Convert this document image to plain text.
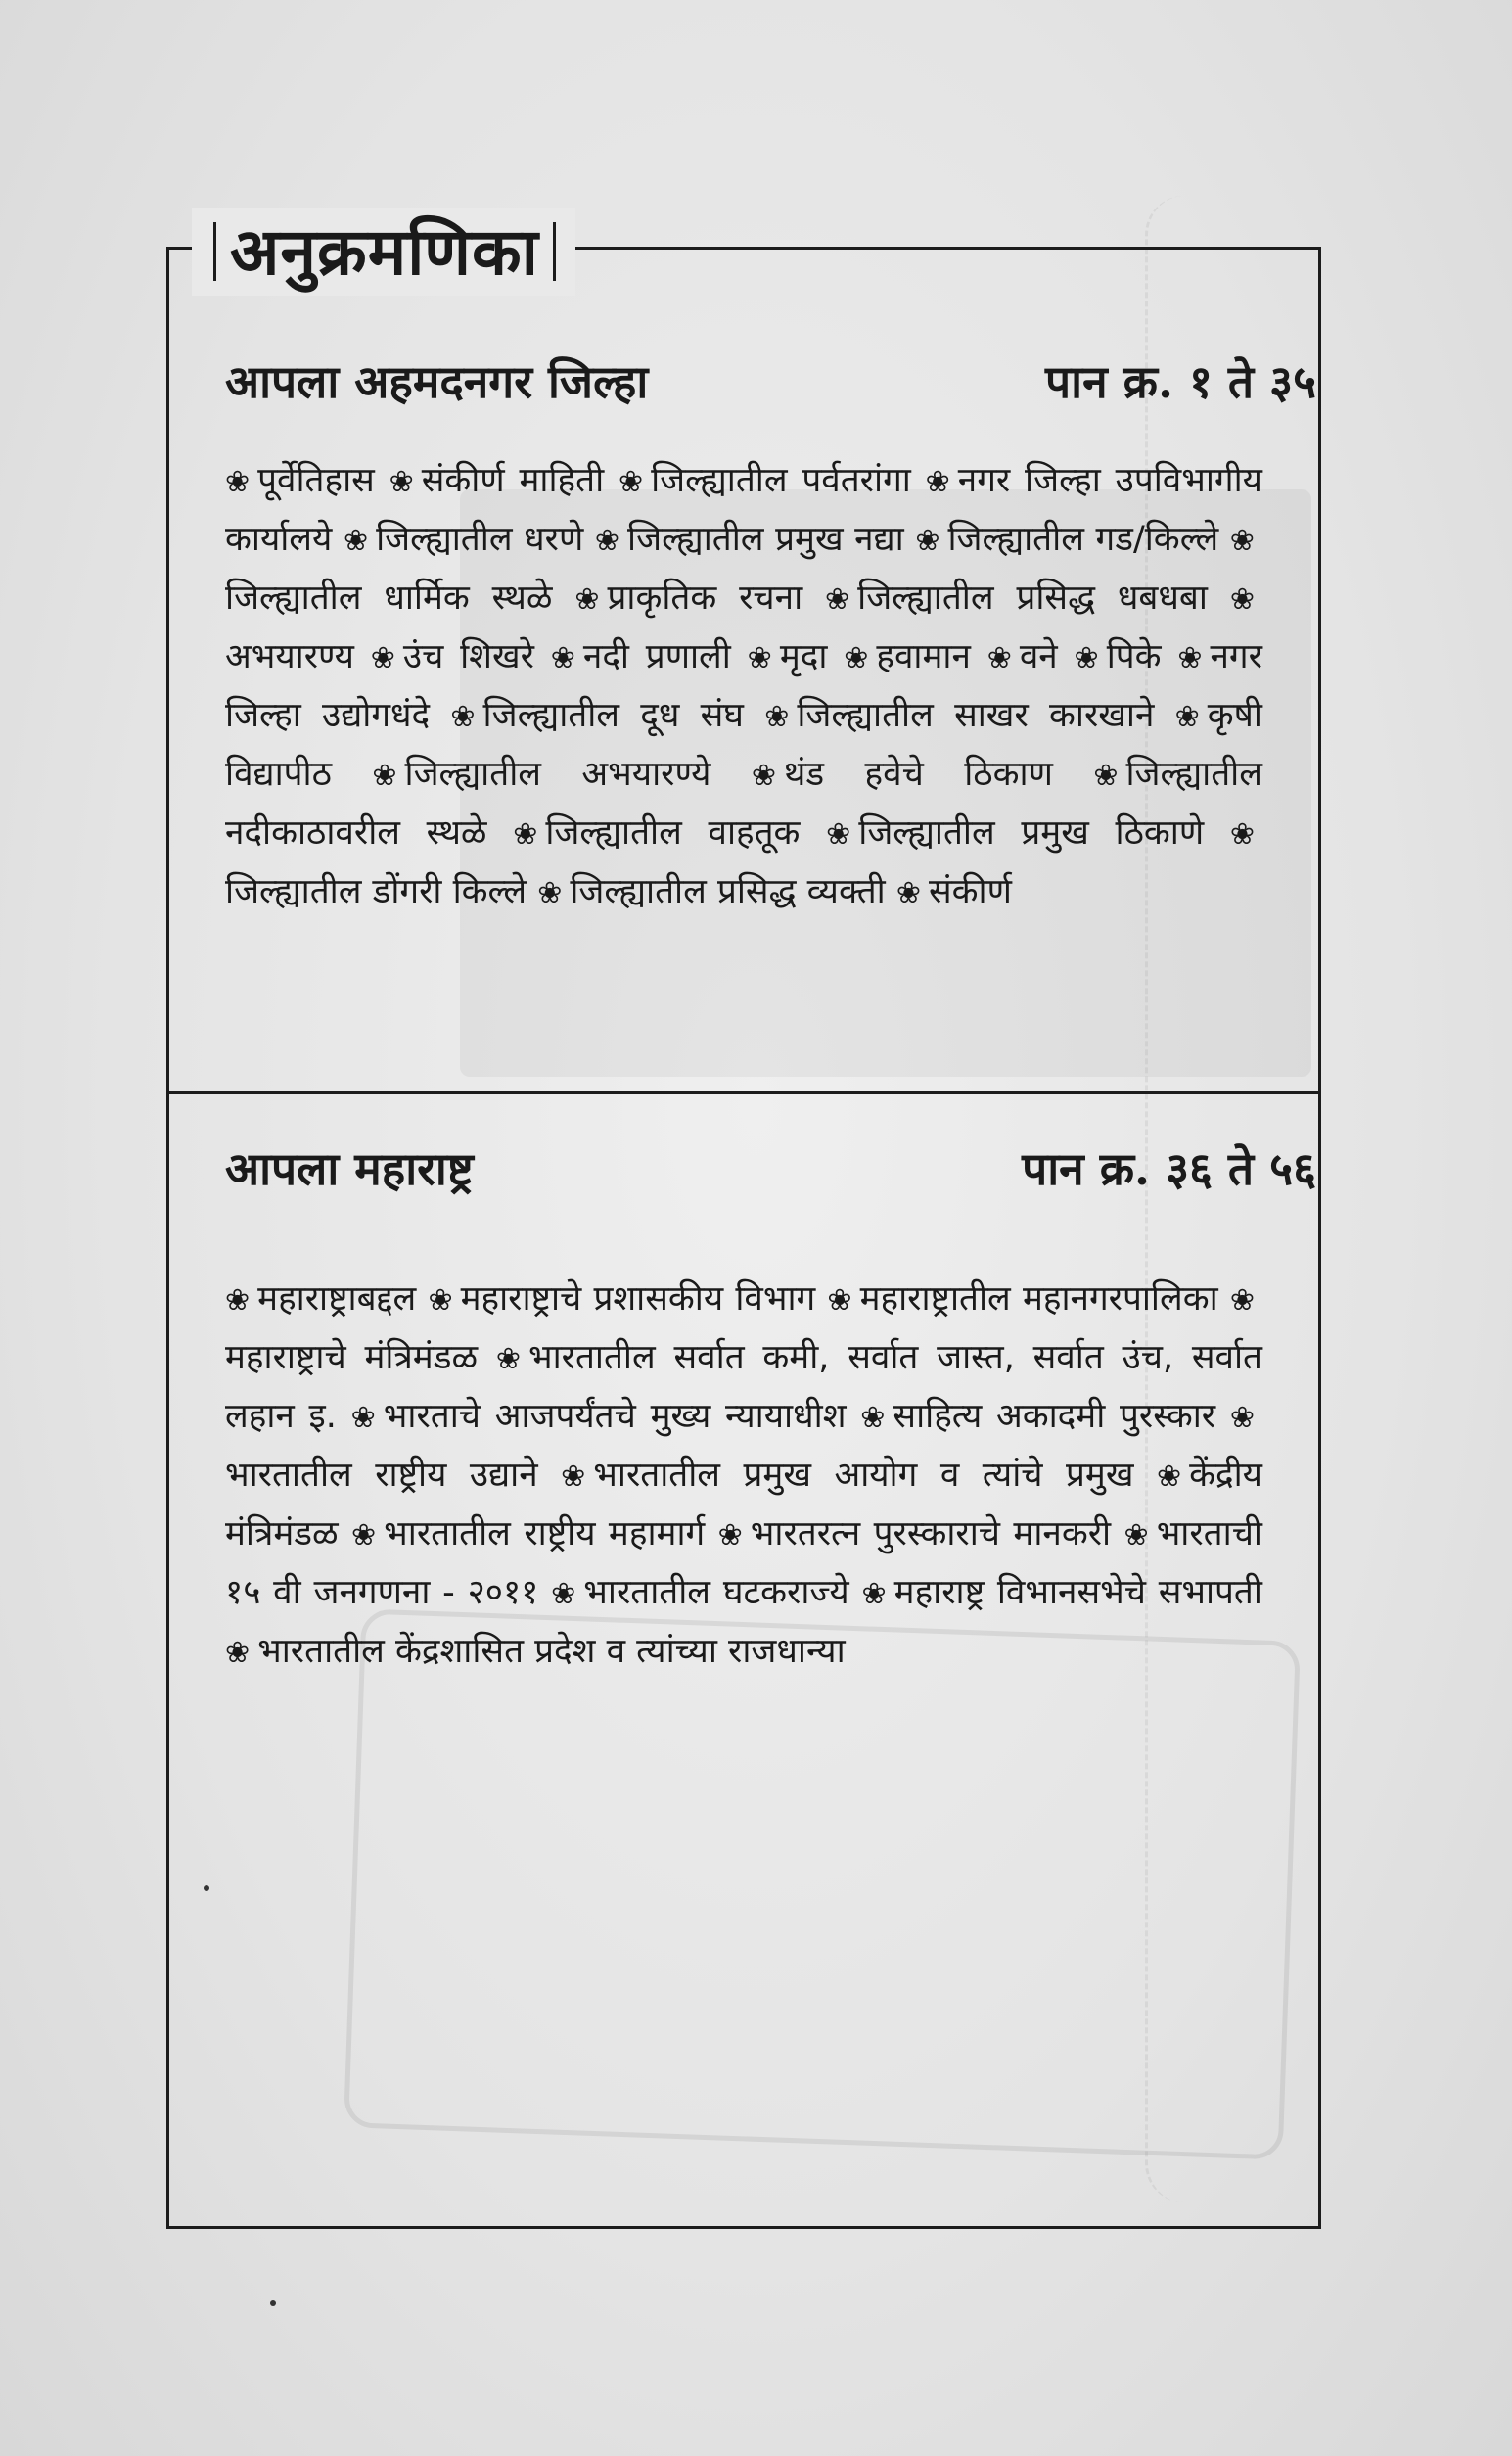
अनुक्रमणिका
आपला अहमदनगर जिल्हा	पान क्र. १ ते ३५
❀ पूर्वेतिहास ❀ संकीर्ण माहिती ❀ जिल्ह्यातील पर्वतरांगा ❀ नगर जिल्हा उपविभागीय कार्यालये ❀ जिल्ह्यातील धरणे ❀ जिल्ह्यातील प्रमुख नद्या ❀ जिल्ह्यातील गड/किल्ले ❀जिल्ह्यातील धार्मिक स्थळे ❀ प्राकृतिक रचना ❀ जिल्ह्यातील प्रसिद्ध धबधबा ❀अभयारण्य ❀ उंच शिखरे ❀ नदी प्रणाली ❀ मृदा ❀ हवामान ❀ वने ❀ पिके ❀ नगर जिल्हा उद्योगधंदे ❀ जिल्ह्यातील दूध संघ ❀ जिल्ह्यातील साखर कारखाने ❀ कृषी विद्यापीठ ❀ जिल्ह्यातील अभयारण्ये ❀ थंड हवेचे ठिकाण ❀ जिल्ह्यातील नदीकाठावरील स्थळे ❀ जिल्ह्यातील वाहतूक ❀ जिल्ह्यातील प्रमुख ठिकाणे ❀जिल्ह्यातील डोंगरी किल्ले ❀ जिल्ह्यातील प्रसिद्ध व्यक्ती ❀ संकीर्ण
आपला महाराष्ट्र	पान क्र. ३६ ते ५६
❀ महाराष्ट्राबद्दल ❀ महाराष्ट्राचे प्रशासकीय विभाग ❀ महाराष्ट्रातील महानगरपालिका ❀महाराष्ट्राचे मंत्रिमंडळ ❀ भारतातील सर्वात कमी, सर्वात जास्त, सर्वात उंच, सर्वात लहान इ. ❀ भारताचे आजपर्यंतचे मुख्य न्यायाधीश ❀ साहित्य अकादमी पुरस्कार ❀भारतातील राष्ट्रीय उद्याने ❀ भारतातील प्रमुख आयोग व त्यांचे प्रमुख ❀ केंद्रीय मंत्रिमंडळ ❀ भारतातील राष्ट्रीय महामार्ग ❀ भारतरत्न पुरस्काराचे मानकरी ❀ भारताची १५ वी जनगणना - २०११ ❀ भारतातील घटकराज्ये ❀ महाराष्ट्र विभानसभेचे सभापती ❀ भारतातील केंद्रशासित प्रदेश व त्यांच्या राजधान्या
